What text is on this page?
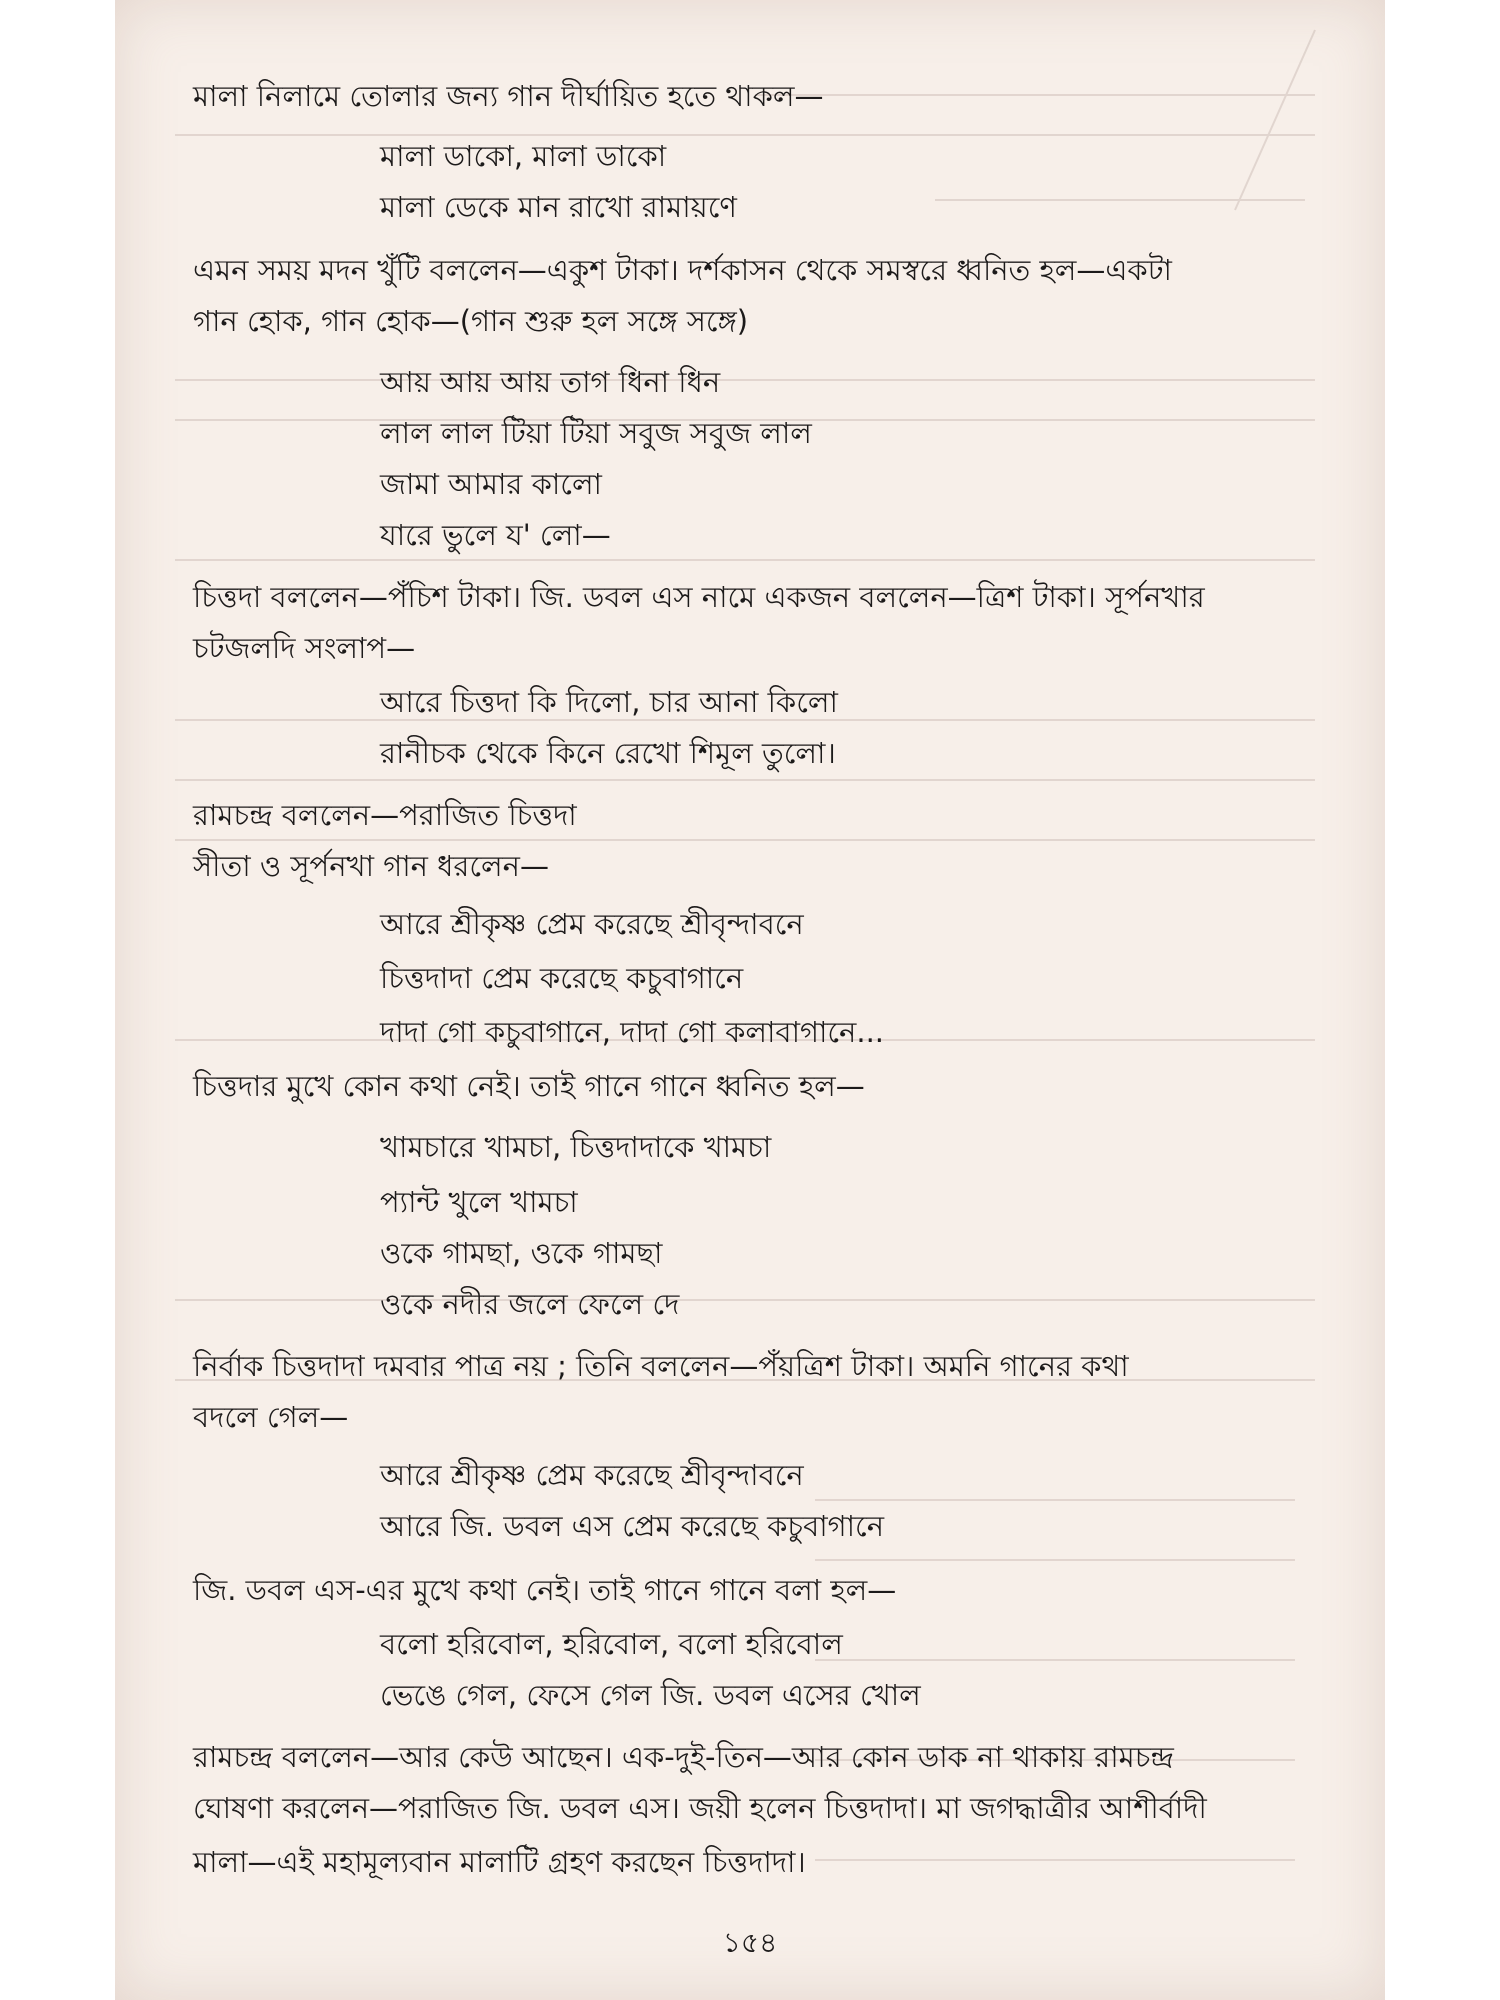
মালা নিলামে তোলার জন্য গান দীর্ঘায়িত হতে থাকল—
মালা ডাকো, মালা ডাকো
মালা ডেকে মান রাখো রামায়ণে
এমন সময় মদন খুঁটি বললেন—একুশ টাকা। দর্শকাসন থেকে সমস্বরে ধ্বনিত হল—একটা
গান হোক, গান হোক—(গান শুরু হল সঙ্গে সঙ্গে)
আয় আয় আয় তাগ ধিনা ধিন
লাল লাল টিয়া টিয়া সবুজ সবুজ লাল
জামা আমার কালো
যারে ভুলে য' লো—
চিত্তদা বললেন—পঁচিশ টাকা। জি. ডবল এস নামে একজন বললেন—ত্রিশ টাকা। সূর্পনখার
চটজলদি সংলাপ—
আরে চিত্তদা কি দিলো, চার আনা কিলো
রানীচক থেকে কিনে রেখো শিমূল তুলো।
রামচন্দ্র বললেন—পরাজিত চিত্তদা
সীতা ও সূর্পনখা গান ধরলেন—
আরে শ্রীকৃষ্ণ প্রেম করেছে শ্রীবৃন্দাবনে
চিত্তদাদা প্রেম করেছে কচুবাগানে
দাদা গো কচুবাগানে, দাদা গো কলাবাগানে...
চিত্তদার মুখে কোন কথা নেই। তাই গানে গানে ধ্বনিত হল—
খামচারে খামচা, চিত্তদাদাকে খামচা
প্যান্ট খুলে খামচা
ওকে গামছা, ওকে গামছা
ওকে নদীর জলে ফেলে দে
নির্বাক চিত্তদাদা দমবার পাত্র নয় ; তিনি বললেন—পঁয়ত্রিশ টাকা। অমনি গানের কথা
বদলে গেল—
আরে শ্রীকৃষ্ণ প্রেম করেছে শ্রীবৃন্দাবনে
আরে জি. ডবল এস প্রেম করেছে কচুবাগানে
জি. ডবল এস-এর মুখে কথা নেই। তাই গানে গানে বলা হল—
বলো হরিবোল, হরিবোল, বলো হরিবোল
ভেঙে গেল, ফেসে গেল জি. ডবল এসের খোল
রামচন্দ্র বললেন—আর কেউ আছেন। এক-দুই-তিন—আর কোন ডাক না থাকায় রামচন্দ্র
ঘোষণা করলেন—পরাজিত জি. ডবল এস। জয়ী হলেন চিত্তদাদা। মা জগদ্ধাত্রীর আশীর্বাদী
মালা—এই মহামূল্যবান মালাটি গ্রহণ করছেন চিত্তদাদা।
১৫৪
